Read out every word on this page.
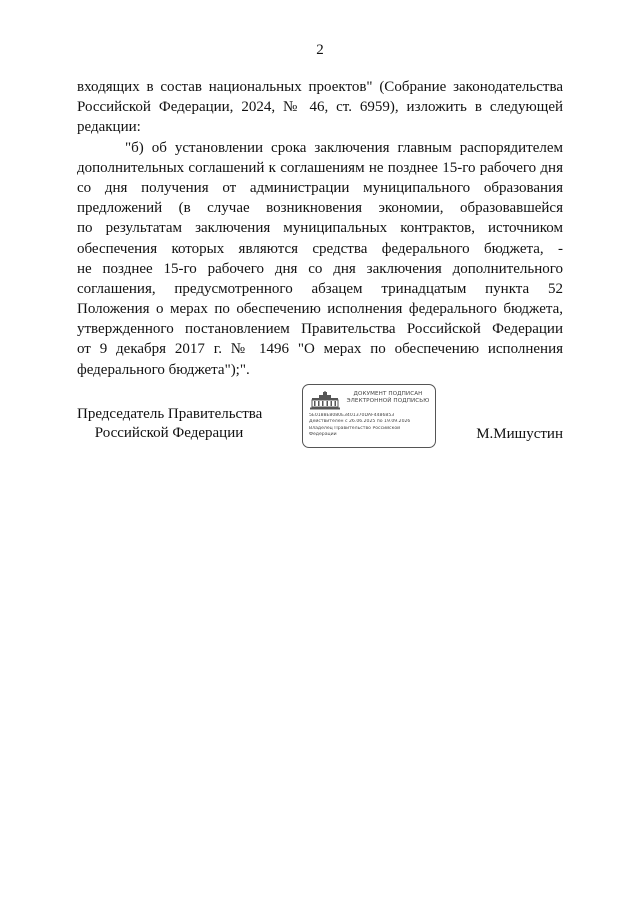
2
входящих в состав национальных проектов" (Собрание законодательства
Российской Федерации, 2024, № 46, ст. 6959), изложить в следующей
редакции:
"б) об установлении срока заключения главным распорядителем
дополнительных соглашений к соглашениям не позднее 15-го рабочего дня
со дня получения от администрации муниципального образования
предложений (в случае возникновения экономии, образовавшейся
по результатам заключения муниципальных контрактов, источником
обеспечения которых являются средства федерального бюджета, -
не позднее 15-го рабочего дня со дня заключения дополнительного
соглашения, предусмотренного абзацем тринадцатым пункта 52
Положения о мерах по обеспечению исполнения федерального бюджета,
утвержденного постановлением Правительства Российской Федерации
от 9 декабря 2017 г. № 1496 "О мерах по обеспечению исполнения
федерального бюджета");".
Председатель Правительства
Российской Федерации
ДОКУМЕНТ ПОДПИСАН
ЭЛЕКТРОННОЙ ПОДПИСЬЮ
5E0188E8080E3401370DAF4486853
Действителен с 26.06.2025 по 19.09.2026
Владелец Правительство Российской
Федерации	М.Мишустин
